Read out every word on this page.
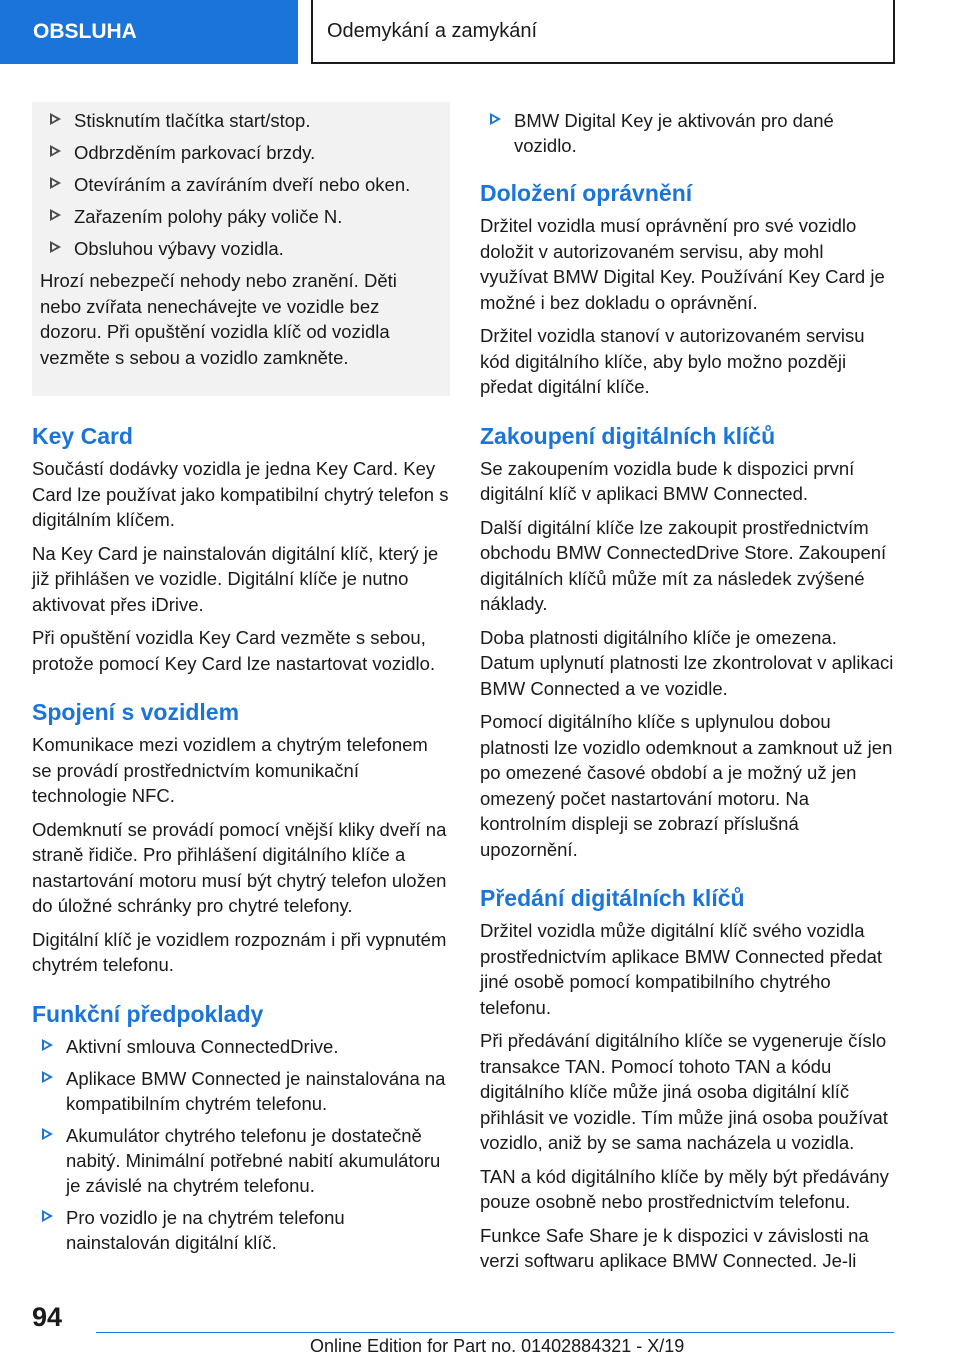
OBSLUHA	Odemykání a zamykání
Stisknutím tlačítka start/stop.
Odbrzděním parkovací brzdy.
Otevíráním a zavíráním dveří nebo oken.
Zařazením polohy páky voliče N.
Obsluhou výbavy vozidla.

Hrozí nebezpečí nehody nebo zranění. Děti nebo zvířata nenechávejte ve vozidle bez dozoru. Při opuštění vozidla klíč od vozidla vezměte s sebou a vozidlo zamkněte.

Key Card

Součástí dodávky vozidla je jedna Key Card. Key Card lze používat jako kompatibilní chytrý telefon s digitálním klíčem.

Na Key Card je nainstalován digitální klíč, který je již přihlášen ve vozidle. Digitální klíče je nutno aktivovat přes iDrive.

Při opuštění vozidla Key Card vezměte s sebou, protože pomocí Key Card lze nastartovat vozidlo.

Spojení s vozidlem

Komunikace mezi vozidlem a chytrým telefonem se provádí prostřednictvím komunikační technologie NFC.

Odemknutí se provádí pomocí vnější kliky dveří na straně řidiče. Pro přihlášení digitálního klíče a nastartování motoru musí být chytrý telefon uložen do úložné schránky pro chytré telefony.

Digitální klíč je vozidlem rozpoznám i při vypnutém chytrém telefonu.

Funkční předpoklady
Aktivní smlouva ConnectedDrive.
Aplikace BMW Connected je nainstalována na kompatibilním chytrém telefonu.
Akumulátor chytrého telefonu je dostatečně nabitý. Minimální potřebné nabití akumulátoru je závislé na chytrém telefonu.
Pro vozidlo je na chytrém telefonu nainstalován digitální klíč.
BMW Digital Key je aktivován pro dané vozidlo.
Doložení oprávnění

Držitel vozidla musí oprávnění pro své vozidlo doložit v autorizovaném servisu, aby mohl využívat BMW Digital Key. Používání Key Card je možné i bez dokladu o oprávnění.

Držitel vozidla stanoví v autorizovaném servisu kód digitálního klíče, aby bylo možno později předat digitální klíče.

Zakoupení digitálních klíčů

Se zakoupením vozidla bude k dispozici první digitální klíč v aplikaci BMW Connected.

Další digitální klíče lze zakoupit prostřednictvím obchodu BMW ConnectedDrive Store. Zakoupení digitálních klíčů může mít za následek zvýšené náklady.

Doba platnosti digitálního klíče je omezena. Datum uplynutí platnosti lze zkontrolovat v aplikaci BMW Connected a ve vozidle.

Pomocí digitálního klíče s uplynulou dobou platnosti lze vozidlo odemknout a zamknout už jen po omezené časové období a je možný už jen omezený počet nastartování motoru. Na kontrolním displeji se zobrazí příslušná upozornění.

Předání digitálních klíčů

Držitel vozidla může digitální klíč svého vozidla prostřednictvím aplikace BMW Connected předat jiné osobě pomocí kompatibilního chytrého telefonu.

Při předávání digitálního klíče se vygeneruje číslo transakce TAN. Pomocí tohoto TAN a kódu digitálního klíče může jiná osoba digitální klíč přihlásit ve vozidle. Tím může jiná osoba používat vozidlo, aniž by se sama nacházela u vozidla.

TAN a kód digitálního klíče by měly být předávány pouze osobně nebo prostřednictvím telefonu.

Funkce Safe Share je k dispozici v závislosti na verzi softwaru aplikace BMW Connected. Je-li

94
Online Edition for Part no. 01402884321 - X/19
